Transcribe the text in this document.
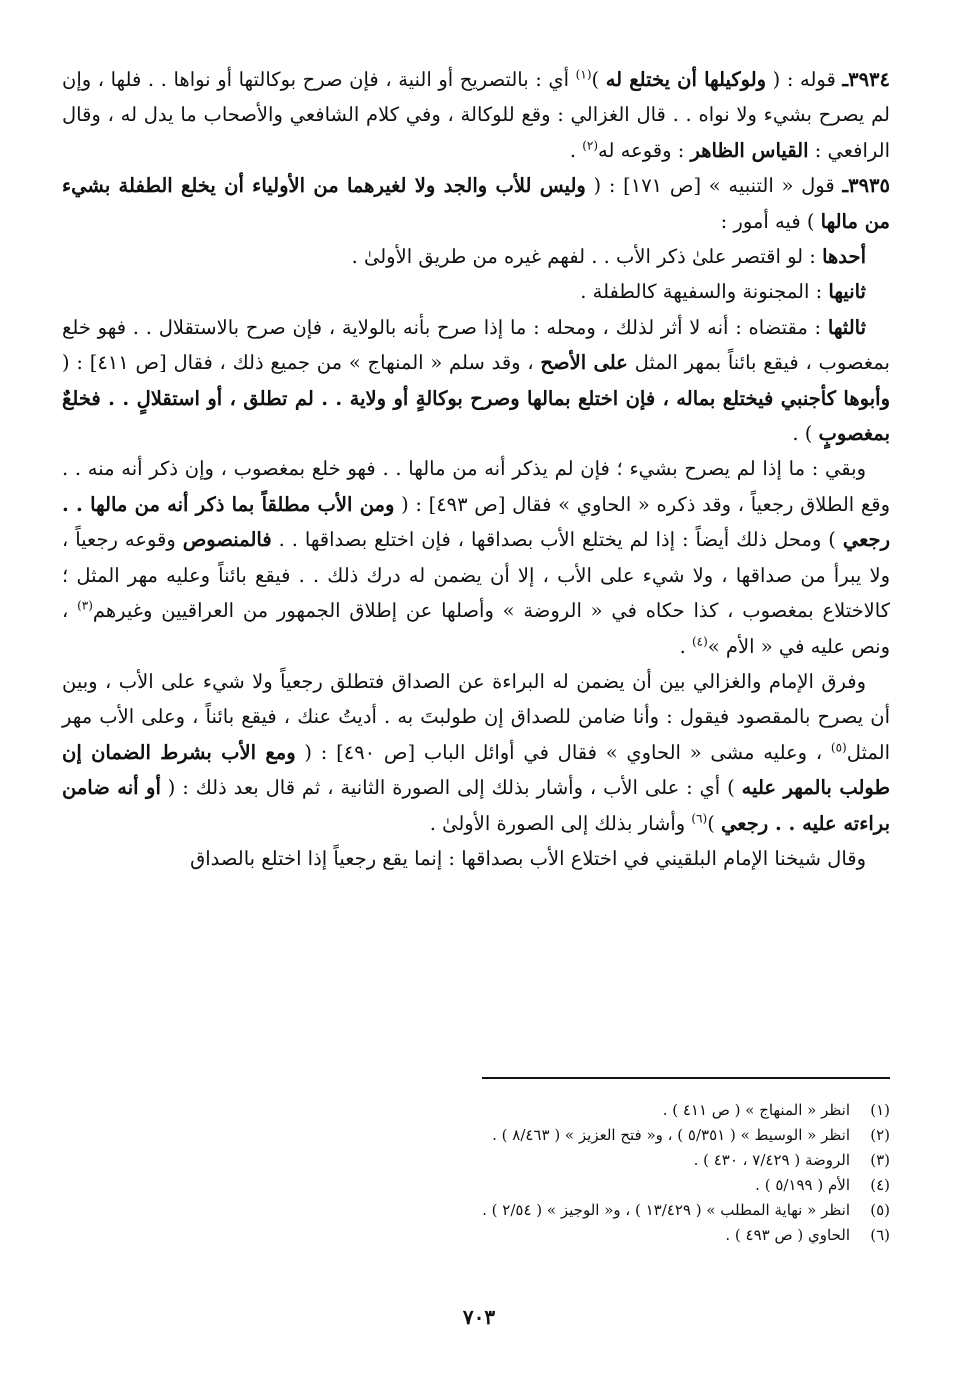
٣٩٣٤ـ قوله : ( ولوكيلها أن يختلع له )$^{(١)}$ أي : بالتصريح أو النية ، فإن صرح بوكالتها أو نواها . . فلها ، وإن لم يصرح بشيء ولا نواه . . قال الغزالي : وقع للوكالة ، وفي كلام الشافعي والأصحاب ما يدل له ، وقال الرافعي : القياس الظاهر : وقوعه له$^{(٢)}$ .

٣٩٣٥ـ قول « التنبيه » [ص ١٧١] : ( وليس للأب والجد ولا لغيرهما من الأولياء أن يخلع الطفلة بشيء من مالها ) فيه أمور :

أحدها : لو اقتصر علىٰ ذكر الأب . . لفهم غيره من طريق الأولىٰ .

ثانيها : المجنونة والسفيهة كالطفلة .

ثالثها : مقتضاه : أنه لا أثر لذلك ، ومحله : ما إذا صرح بأنه بالولاية ، فإن صرح بالاستقلال . . فهو خلع بمغصوب ، فيقع بائناً بمهر المثل على الأصح ، وقد سلم « المنهاج » من جميع ذلك ، فقال [ص ٤١١] : ( وأبوها كأجنبي فيختلع بماله ، فإن اختلع بمالها وصرح بوكالةٍ أو ولاية . . لم تطلق ، أو استقلالٍ . . فخلعٌ بمغصوبٍ ) .

وبقي : ما إذا لم يصرح بشيء ؛ فإن لم يذكر أنه من مالها . . فهو خلع بمغصوب ، وإن ذكر أنه منه . . وقع الطلاق رجعياً ، وقد ذكره « الحاوي » فقال [ص ٤٩٣] : ( ومن الأب مطلقاً بما ذكر أنه من مالها . . رجعي ) ومحل ذلك أيضاً : إذا لم يختلع الأب بصداقها ، فإن اختلع بصداقها . . فالمنصوص وقوعه رجعياً ، ولا يبرأ من صداقها ، ولا شيء على الأب ، إلا أن يضمن له درك ذلك . . فيقع بائناً وعليه مهر المثل ؛ كالاختلاع بمغصوب ، كذا حكاه في « الروضة » وأصلها عن إطلاق الجمهور من العراقيين وغيرهم$^{(٣)}$ ، ونص عليه في « الأم »$^{(٤)}$ .

وفرق الإمام والغزالي بين أن يضمن له البراءة عن الصداق فتطلق رجعياً ولا شيء على الأب ، وبين أن يصرح بالمقصود فيقول : وأنا ضامن للصداق إن طولبتَ به . أديتُ عنك ، فيقع بائناً ، وعلى الأب مهر المثل$^{(٥)}$ ، وعليه مشى « الحاوي » فقال في أوائل الباب [ص ٤٩٠] : ( ومع الأب بشرط الضمان إن طولب بالمهر عليه ) أي : على الأب ، وأشار بذلك إلى الصورة الثانية ، ثم قال بعد ذلك : ( أو أنه ضامن براءته عليه . . رجعي )$^{(٦)}$ وأشار بذلك إلى الصورة الأولىٰ .

وقال شيخنا الإمام البلقيني في اختلاع الأب بصداقها : إنما يقع رجعياً إذا اختلع بالصداق

(١)
انظر « المنهاج » ( ص ٤١١ ) .
(٢)
انظر « الوسيط » ( ٥/٣٥١ ) ، و« فتح العزيز » ( ٨/٤٦٣ ) .
(٣)
الروضة ( ٧/٤٢٩ ، ٤٣٠ ) .
(٤)
الأم ( ٥/١٩٩ ) .
(٥)
انظر « نهاية المطلب » ( ١٣/٤٢٩ ) ، و« الوجيز » ( ٢/٥٤ ) .
(٦)
الحاوي ( ص ٤٩٣ ) .
٧٠٣
